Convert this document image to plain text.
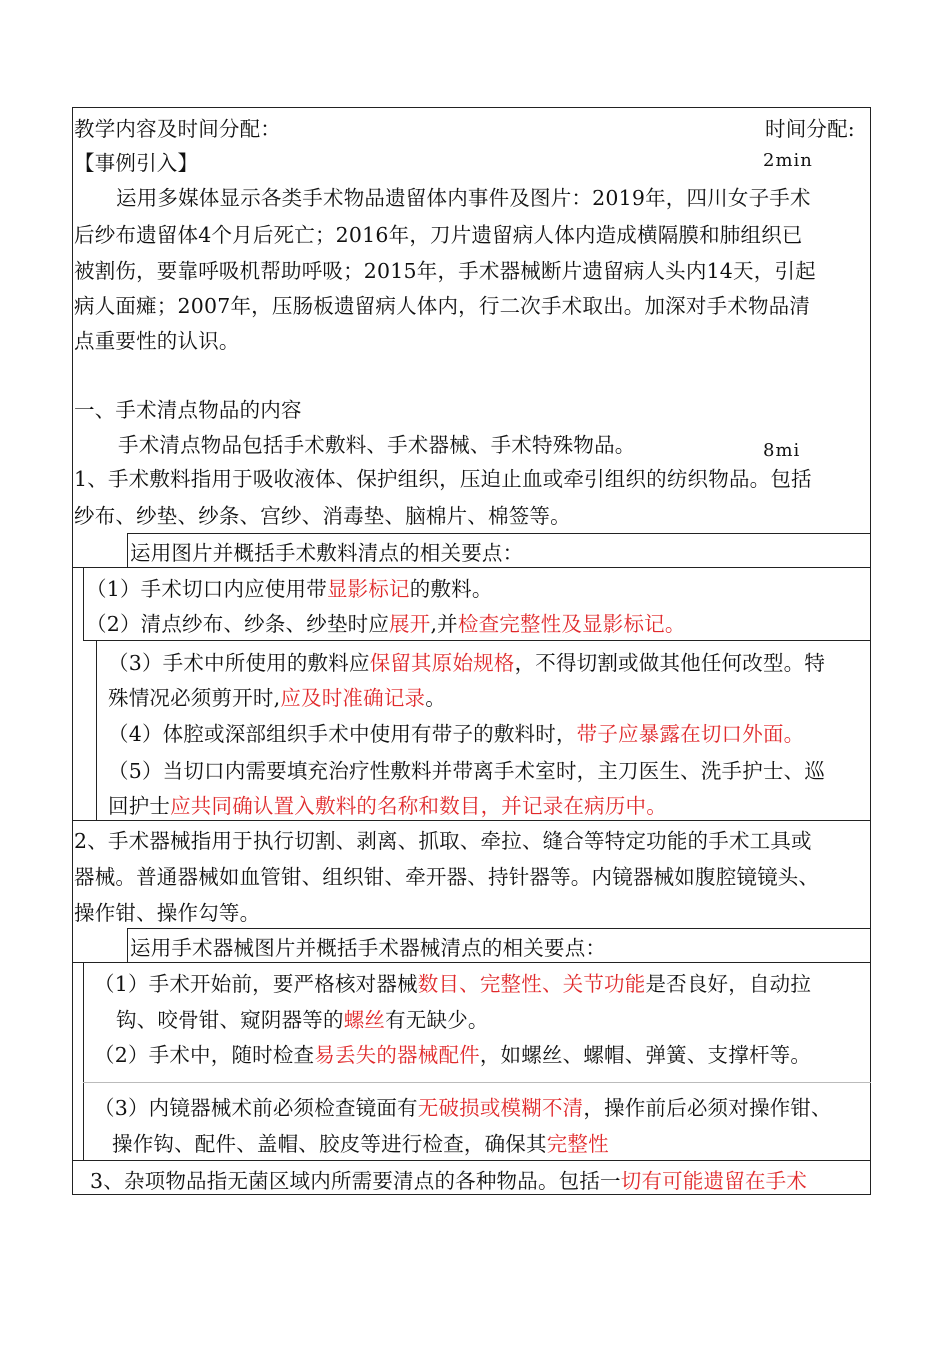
教学内容及时间分配：	时间分配:
2min
【事例引入】
运用多媒体显示各类手术物品遗留体内事件及图片：2019年，四川女子手术
后纱布遗留体4个月后死亡；2016年，刀片遗留病人体内造成横隔膜和肺组织已
被割伤，要靠呼吸机帮助呼吸；2015年，手术器械断片遗留病人头内14天，引起
病人面瘫；2007年，压肠板遗留病人体内，行二次手术取出。加深对手术物品清
点重要性的认识。
一、手术清点物品的内容
手术清点物品包括手术敷料、手术器械、手术特殊物品。	8mi
1、手术敷料指用于吸收液体、保护组织，压迫止血或牵引组织的纺织物品。包括
纱布、纱垫、纱条、宫纱、消毒垫、脑棉片、棉签等。
运用图片并概括手术敷料清点的相关要点：
（1）手术切口内应使用带显影标记的敷料。
（2）清点纱布、纱条、纱垫时应展开,并检查完整性及显影标记。
（3）手术中所使用的敷料应保留其原始规格，不得切割或做其他任何改型。特
殊情况必须剪开时,应及时准确记录。
（4）体腔或深部组织手术中使用有带子的敷料时，带子应暴露在切口外面。
（5）当切口内需要填充治疗性敷料并带离手术室时，主刀医生、洗手护士、巡
回护士应共同确认置入敷料的名称和数目，并记录在病历中。
2、手术器械指用于执行切割、剥离、抓取、牵拉、缝合等特定功能的手术工具或
器械。普通器械如血管钳、组织钳、牵开器、持针器等。内镜器械如腹腔镜镜头、
操作钳、操作勾等。
运用手术器械图片并概括手术器械清点的相关要点：
（1）手术开始前，要严格核对器械数目、完整性、关节功能是否良好，自动拉
钩、咬骨钳、窥阴器等的螺丝有无缺少。
（2）手术中，随时检查易丢失的器械配件，如螺丝、螺帽、弹簧、支撑杆等。
（3）内镜器械术前必须检查镜面有无破损或模糊不清，操作前后必须对操作钳、
操作钩、配件、盖帽、胶皮等进行检查，确保其完整性
3、杂项物品指无菌区域内所需要清点的各种物品。包括一切有可能遗留在手术
